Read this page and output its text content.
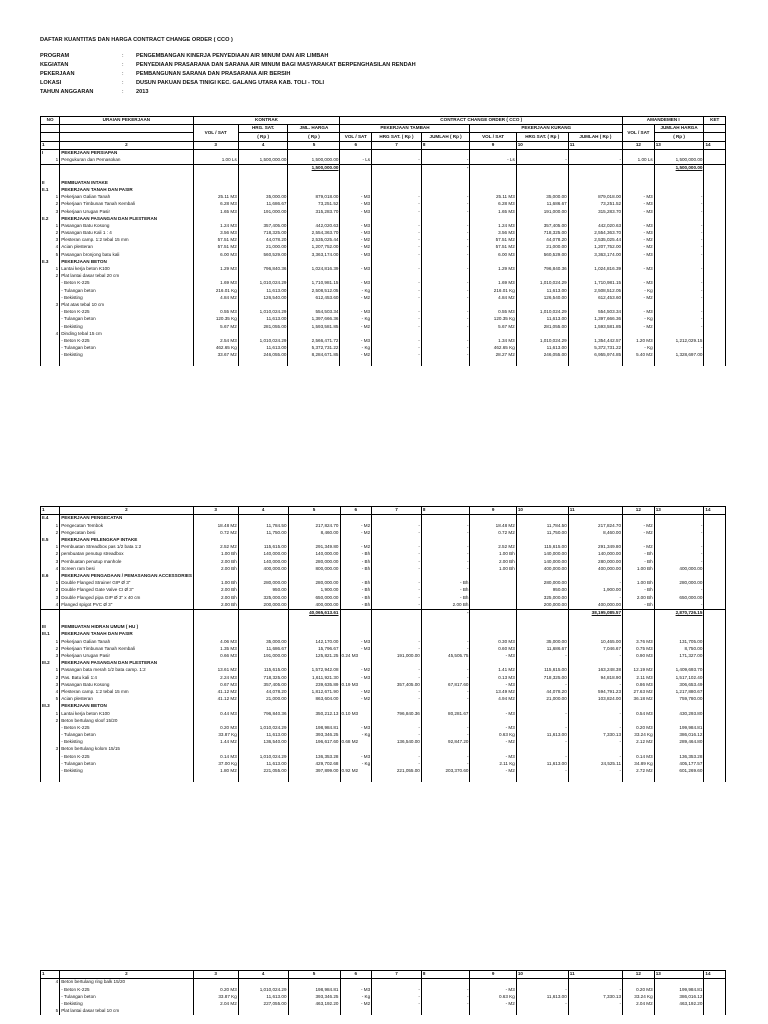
DAFTAR KUANTITAS DAN HARGA CONTRACT CHANGE ORDER ( CCO )
PROGRAM	:	PENGEMBANGAN KINERJA PENYEDIAAN AIR MINUM DAN AIR LIMBAH
KEGIATAN	:	PENYEDIAAN PRASARANA DAN SARANA AIR MINUM BAGI MASYARAKAT BERPENGHASILAN RENDAH
PEKERJAAN	:	PEMBANGUNAN SARANA DAN PRASARANA AIR BERSIH
LOKASI	:	DUSUN PAKUAN DESA TINIGI KEC. GALANG UTARA KAB. TOLI - TOLI
TAHUN ANGGARAN	:	2013
NO	URAIAN PEKERJAAN	KONTRAK			CONTRACT CHANGE ORDER ( CCO )						AMANDEMEN I		KET
		VOL / SAT	HRG. SAT.	JML. HARGA	PEKERJAAN TAMBAH			PEKERJAAN KURANG			VOL / SAT	JUMLAH HARGA	
			( Rp )	( Rp )	VOL / SAT	HRG SAT. ( Rp )	JUMLAH ( Rp )	VOL / SAT	HRG SAT. ( Rp )	JUMLAH ( Rp )		( Rp )	
1	2	3	4	5	6	7	8	9	10	11	12	13	14
I	PEKERJAAN PERSIAPAN												
1	Pengukuran dan Pemasokan	1.00 Ls	1,500,000.00	1,500,000.00	- Ls	-	-	- Ls	-	-	1.00 Ls	1,500,000.00	
				1,500,000.00			-					1,500,000.00	

II	PEMBUATAN INTAKE												
II.1	PEKERJAAN TANAH DAN PASIR												
1	Pekerjaan Galian Tanah	25.11 M3	35,000.00	879,018.00	- M3	-	-	25.11 M3	35,000.00	879,018.00	- M3	-	
2	Pekerjaan Timbunan Tanah Kembali	6.28 M3	11,686.67	73,251.52	- M3	-	-	6.28 M3	11,686.67	73,251.52	- M3	-	
3	Pekerjaan Urugan Pasir	1.65 M3	191,000.00	315,283.70	- M3	-	-	1.65 M3	191,000.00	315,283.70	- M3	-	
II.2	PEKERJAAN PASANGAN DAN PLESTERAN												
1	Pasangan Batu Kosong	1.24 M3	357,405.00	442,020.63	- M3	-	-	1.24 M3	357,405.00	442,020.63	- M3	-	
2	Pasangan Batu Kali 1 : 4	3.56 M3	718,325.00	2,554,363.70	- M3	-	-	3.56 M3	718,325.00	2,554,363.70	- M3	-	
3	Plesteran camp. 1:2 tebal 15 mm	57.51 M2	44,078.20	2,535,025.44	- M2	-	-	57.51 M2	44,078.20	2,535,025.44	- M2	-	
4	Acian plesteran	57.51 M2	21,000.00	1,207,752.00	- M2	-	-	57.51 M2	21,000.00	1,207,752.00	- M2	-	
5	Pasangan bronjong batu kali	6.00 M3	560,529.00	3,363,174.00	- M3	-	-	6.00 M3	560,529.00	3,363,174.00	- M3	-	
II.3	PEKERJAAN BETON												
1	Lantai kerja beton K100	1.29 M3	796,840.36	1,024,816.39	- M3	-	-	1.29 M3	796,840.36	1,024,816.39	- M3	-	
2	Plat lantai dasar tebal 20 cm												
	- Beton K-225	1.69 M3	1,010,024.29	1,710,981.15	- M3	-	-	1.69 M3	1,010,024.29	1,710,981.15	- M3	-	
	- Tulangan beton	216.01 Kg	11,613.00	2,508,512.05	- Kg	-	-	216.01 Kg	11,613.00	2,508,512.05	- Kg	-	
	- Bekisting	4.84 M2	126,540.00	612,453.60	- M2	-	-	4.84 M2	126,540.00	612,453.60	- M2	-	
3	Plat atas tebal 10 cm												
	- Beton K-225	0.55 M3	1,010,024.29	554,503.34	- M3	-	-	0.55 M3	1,010,024.29	554,503.34	- M3	-	
	- Tulangan beton	120.35 Kg	11,613.00	1,397,666.36	- Kg	-	-	120.35 Kg	11,613.00	1,397,666.36	- Kg	-	
	- Bekisting	5.67 M2	281,055.00	1,593,581.85	- M2	-	-	5.67 M2	281,055.00	1,593,581.85	- M2	-	
4	Dinding tebal 15 cm												
	- Beton K-225	2.54 M3	1,010,024.29	2,566,471.72	- M3	-	-	1.34 M3	1,010,024.29	1,354,442.57	1.20 M3	1,212,029.15	
	- Tulangan beton	462.65 Kg	11,613.00	5,372,731.22	- Kg	-	-	462.65 Kg	11,613.00	5,372,731.22	- Kg	-	
	- Bekisting	33.67 M2	246,055.00	8,284,671.85	- M2	-	-	28.27 M2	246,055.00	6,955,974.85	5.40 M2	1,328,697.00	

1	2	3	4	5	6	7	8	9	10	11	12	13	14
II.4	PEKERJAAN PENGECATAN												
1	Pengecatan Tembok	18.48 M2	11,784.50	217,824.70	- M2	-	-	18.48 M2	11,784.50	217,824.70	- M2	-	
2	Pengecatan besi	0.72 M2	11,750.00	8,460.00	- M2	-	-	0.72 M2	11,750.00	8,460.00	- M2	-	
II.5	PEKERJAAN PELENGKAP INTAKE												
1	Pembuatan Streadbox pas 1/2 bata 1:2	2.52 M2	115,615.00	291,349.80	- M2	-	-	2.52 M2	115,615.00	291,349.80	- M2	-	
2	pembuatan penutup streadbox	1.00 Bh	140,000.00	140,000.00	- Bh	-	-	1.00 Bh	140,000.00	140,000.00	- Bh	-	
3	Pembuatan penutup manhole	2.00 Bh	140,000.00	280,000.00	- Bh	-	-	2.00 Bh	140,000.00	280,000.00	- Bh	-	
4	Screen ram besi	2.00 Bh	400,000.00	800,000.00	- Bh	-	-	1.00 Bh	400,000.00	400,000.00	1.00 Bh	400,000.00	
II.6	PEKERJAAN PENGADAAN / PEMASANGAN ACCESSORIES												
1	Double Flanged Strainer GIP Ø 3"	1.00 Bh	280,000.00	280,000.00	- Bh	-	- Bh		280,000.00	-	1.00 Bh	280,000.00	
2	Double Flanged Gate Valve CI Ø 3"	2.00 Bh	950.00	1,900.00	- Bh	-	- Bh		950.00	1,900.00	- Bh	-	
3	Double Flanged pipa GIP Ø 3" x 40 cm	2.00 Bh	325,000.00	650,000.00	- Bh	-	- Bh		325,000.00	-	2.00 Bh	650,000.00	
4	Flanged spigot PVC Ø 3"	2.00 Bh	200,000.00	400,000.00	- Bh	-	2.00 Bh		200,000.00	400,000.00	- Bh	-	
				40,065,613.61			-			38,195,085.57		2,870,726.15	

III	PEMBUATAN HIDRAN UMUM ( HU )												
III.1	PEKERJAAN TANAH DAN PASIR												
1	Pekerjaan Galian Tanah	4.06 M3	35,000.00	142,170.00	- M3	-	-	0.30 M3	35,000.00	10,465.00	3.76 M3	131,705.00	
2	Pekerjaan Timbunan Tanah Kembali	1.35 M3	11,686.67	15,796.67	- M3	-	-	0.60 M3	11,686.67	7,046.67	0.75 M3	8,750.00	
3	Pekerjaan Urugan Pasir	0.66 M3	191,000.00	125,821.25	0.24 M3	191,000.00	45,505.75	- M3	-	-	0.90 M3	171,327.00	
III.2	PEKERJAAN PASANGAN DAN PLESTERAN												
1	Pasangan bata merah 1/2 bata camp. 1:2	13.61 M2	115,615.00	1,572,942.08	- M2	-	-	1.41 M2	115,615.00	163,248.38	12.19 M2	1,409,693.70	
2	Pas. Batu kali 1:4	2.24 M3	718,325.00	1,611,921.30	- M3	-	-	0.13 M3	718,325.00	94,818.90	2.11 M3	1,517,102.40	
3	Pasangan Batu Kosong	0.67 M3	357,405.00	239,635.89	0.19 M3	357,405.00	67,817.60	- M3	-	-	0.86 M3	306,653.49	
4	Plesteran camp. 1:2 tebal 15 mm	41.12 M2	44,078.20	1,812,671.90	- M2	-	-	13.49 M2	44,078.20	594,791.23	27.63 M2	1,217,880.67	
5	Acian plesteran	41.12 M2	21,000.00	863,604.00	- M2	-	-	4.94 M2	21,000.00	103,824.00	36.18 M2	759,780.00	
III.3	PEKERJAAN BETON												
1	Lantai kerja beton K100	0.44 M3	796,840.36	350,212.13	0.10 M3	796,840.36	80,281.67	- M3	-	-	0.54 M3	430,293.80	
2	Beton bertulang sloof 15/20												
	- Beton K-225	0.20 M3	1,010,024.29	198,984.81	- M3	-	-	- M3	-	-	0.20 M3	199,984.81	
	- Tulangan beton	33.87 Kg	11,613.00	393,346.25	- Kg	-	-	0.63 Kg	11,613.00	7,330.13	33.24 Kg	386,016.12	
	- Bekisting	1.44 M2	136,540.00	196,617.60	0.68 M2	136,540.00	92,847.20	- M2	-	-	2.12 M2	289,464.80	
3	Beton bertulang kolom 15/15												
	- Beton K-225	0.14 M3	1,010,024.29	136,353.28	- M3	-	-	- M3	-	-	0.14 M3	136,353.28	
	- Tulangan beton	37.00 Kg	11,613.00	429,702.68	- Kg	-	-	2.11 Kg	11,613.00	24,525.11	34.89 Kg	405,177.57	
	- Bekisting	1.80 M2	221,055.00	397,899.00	0.92 M2	221,055.00	203,370.60	- M2	-	-	2.72 M2	601,269.60	

1	2	3	4	5	6	7	8	9	10	11	12	13	14
4	Beton bertulang ring balk 15/20												
	- Beton K-225	0.20 M3	1,010,024.29	198,984.81	- M3	-	-	- M3	-	-	0.20 M3	199,984.81	
	- Tulangan beton	33.87 Kg	11,613.00	393,346.25	- Kg	-	-	0.63 Kg	11,613.00	7,330.13	33.24 Kg	386,016.12	
	- Bekisting	2.04 M2	227,055.00	463,192.20	- M2	-	-	- M2	-	-	2.04 M2	463,192.20	
5	Plat lantai dasar tebal 10 cm												
